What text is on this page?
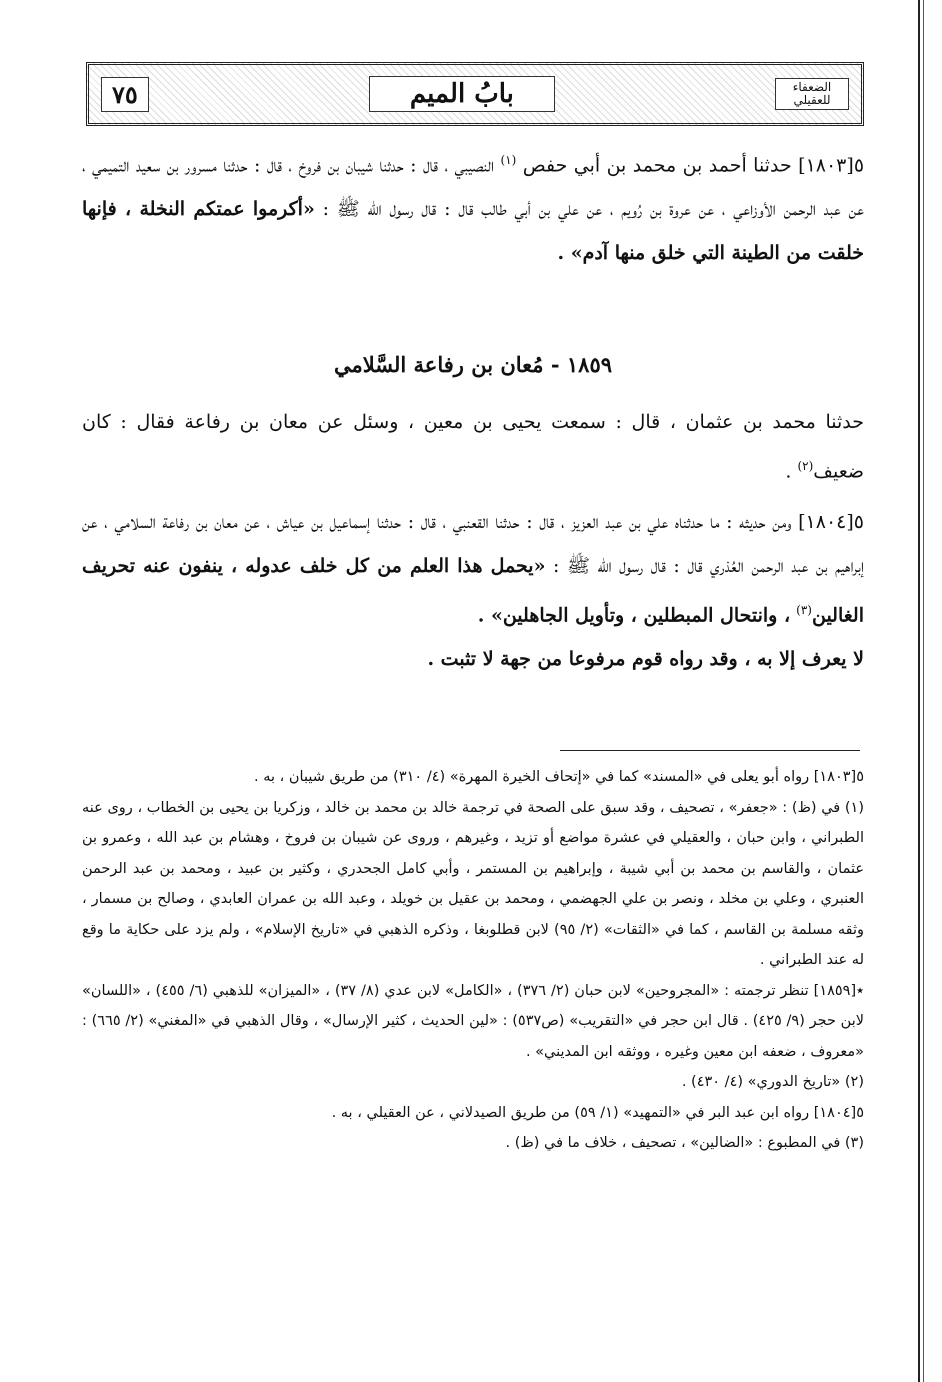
٧٥	بابُ الميم	الضعفاء للعقيلي

٥[١٨٠٣] حدثنا أحمد بن محمد بن أبي حفص $^{(١)}$ النصيبي ، قال : حدثنا شيبان بن فروخ ، قال : حدثنا مسرور بن سعيد التميمي ، عن عبد الرحمن الأوزاعي ، عن عروة بن رُويم ، عن علي بن أبي طالب قال : قال رسول الله ﷺ : «أكرموا عمتكم النخلة ، فإنها خلقت من الطينة التي خلق منها آدم» .

١٨٥٩ - مُعان بن رفاعة السَّلامي

حدثنا محمد بن عثمان ، قال : سمعت يحيى بن معين ، وسئل عن معان بن رفاعة فقال : كان ضعيف$^{(٢)}$ .

٥[١٨٠٤] ومن حديثه : ما حدثناه علي بن عبد العزيز ، قال : حدثنا القعنبي ، قال : حدثنا إسماعيل بن عياش ، عن معان بن رفاعة السلامي ، عن إبراهيم بن عبد الرحمن العُذري قال : قال رسول الله ﷺ : «يحمل هذا العلم من كل خلف عدوله ، ينفون عنه تحريف الغالين$^{(٣)}$ ، وانتحال المبطلين ، وتأويل الجاهلين» .

لا يعرف إلا به ، وقد رواه قوم مرفوعا من جهة لا تثبت .

٥[١٨٠٣] رواه أبو يعلى في «المسند» كما في «إتحاف الخيرة المهرة» (٤/ ٣١٠) من طريق شيبان ، به .

(١) في (ظ) : «جعفر» ، تصحيف ، وقد سبق على الصحة في ترجمة خالد بن محمد بن خالد ، وزكريا بن يحيى بن الخطاب ، روى عنه الطبراني ، وابن حبان ، والعقيلي في عشرة مواضع أو تزيد ، وغيرهم ، وروى عن شيبان بن فروخ ، وهشام بن عبد الله ، وعمرو بن عثمان ، والقاسم بن محمد بن أبي شيبة ، وإبراهيم بن المستمر ، وأبي كامل الجحدري ، وكثير بن عبيد ، ومحمد بن عبد الرحمن العنبري ، وعلي بن مخلد ، ونصر بن علي الجهضمي ، ومحمد بن عقيل بن خويلد ، وعبد الله بن عمران العابدي ، وصالح بن مسمار ، وثقه مسلمة بن القاسم ، كما في «الثقات» (٢/ ٩٥) لابن قطلوبغا ، وذكره الذهبي في «تاريخ الإسلام» ، ولم يزد على حكاية ما وقع له عند الطبراني .

٭[١٨٥٩] تنظر ترجمته : «المجروحين» لابن حبان (٢/ ٣٧٦) ، «الكامل» لابن عدي (٨/ ٣٧) ، «الميزان» للذهبي (٦/ ٤٥٥) ، «اللسان» لابن حجر (٩/ ٤٢٥) . قال ابن حجر في «التقريب» (ص٥٣٧) : «لين الحديث ، كثير الإرسال» ، وقال الذهبي في «المغني» (٢/ ٦٦٥) : «معروف ، ضعفه ابن معين وغيره ، ووثقه ابن المديني» .

(٢) «تاريخ الدوري» (٤/ ٤٣٠) .

٥[١٨٠٤] رواه ابن عبد البر في «التمهيد» (١/ ٥٩) من طريق الصيدلاني ، عن العقيلي ، به .

(٣) في المطبوع : «الضالين» ، تصحيف ، خلاف ما في (ظ) .
